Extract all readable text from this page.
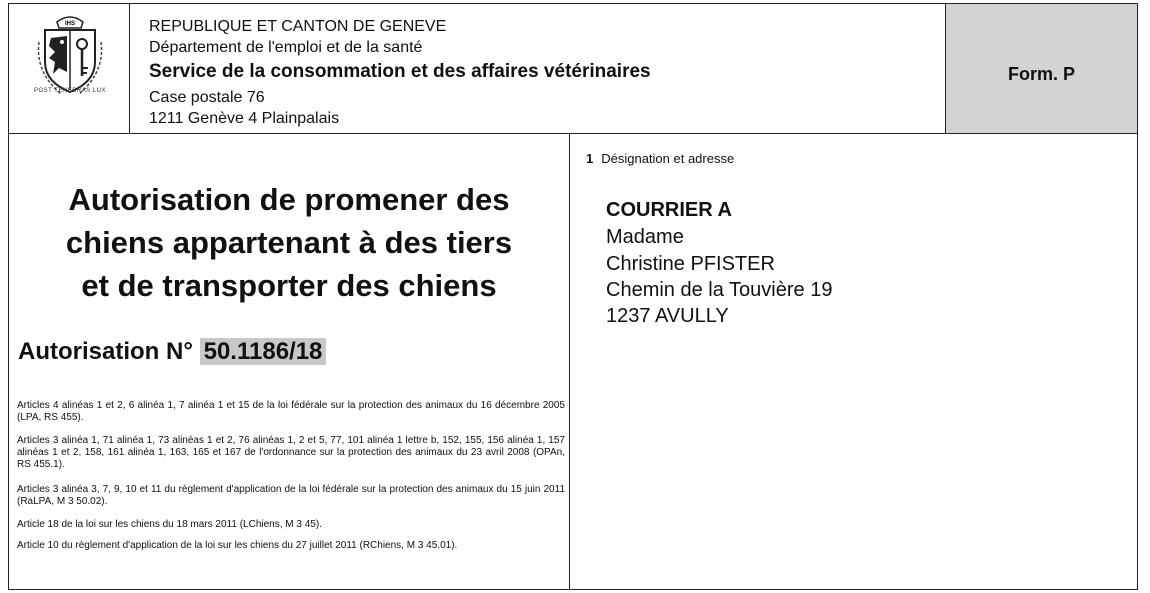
IHS
POST TENEBRAS LUX
REPUBLIQUE ET CANTON DE GENEVE
Département de l'emploi et de la santé
Service de la consommation et des affaires vétérinaires
Case postale 76
1211 Genève 4 Plainpalais
Form. P
Autorisation de promener des
chiens appartenant à des tiers
et de transporter des chiens
Autorisation N° 50.1186/18

Articles 4 alinéas 1 et 2, 6 alinéa 1, 7 alinéa 1 et 15 de la loi fédérale sur la protection des animaux du 16 décembre 2005 (LPA, RS 455).

Articles 3 alinéa 1, 71 alinéa 1, 73 alinéas 1 et 2, 76 alinéas 1, 2 et 5, 77, 101 alinéa 1 lettre b, 152, 155, 156 alinéa 1, 157 alinéas 1 et 2, 158, 161 alinéa 1, 163, 165 et 167 de l'ordonnance sur la protection des animaux du 23 avril 2008 (OPAn, RS 455.1).

Articles 3 alinéa 3, 7, 9, 10 et 11 du règlement d'application de la loi fédérale sur la protection des animaux du 15 juin 2011 (RaLPA, M 3 50.02).

Article 18 de la loi sur les chiens du 18 mars 2011 (LChiens, M 3 45).

Article 10 du règlement d'application de la loi sur les chiens du 27 juillet 2011 (RChiens, M 3 45.01).

1 Désignation et adresse

COURRIER A

Madame

Christine PFISTER

Chemin de la Touvière 19

1237 AVULLY
